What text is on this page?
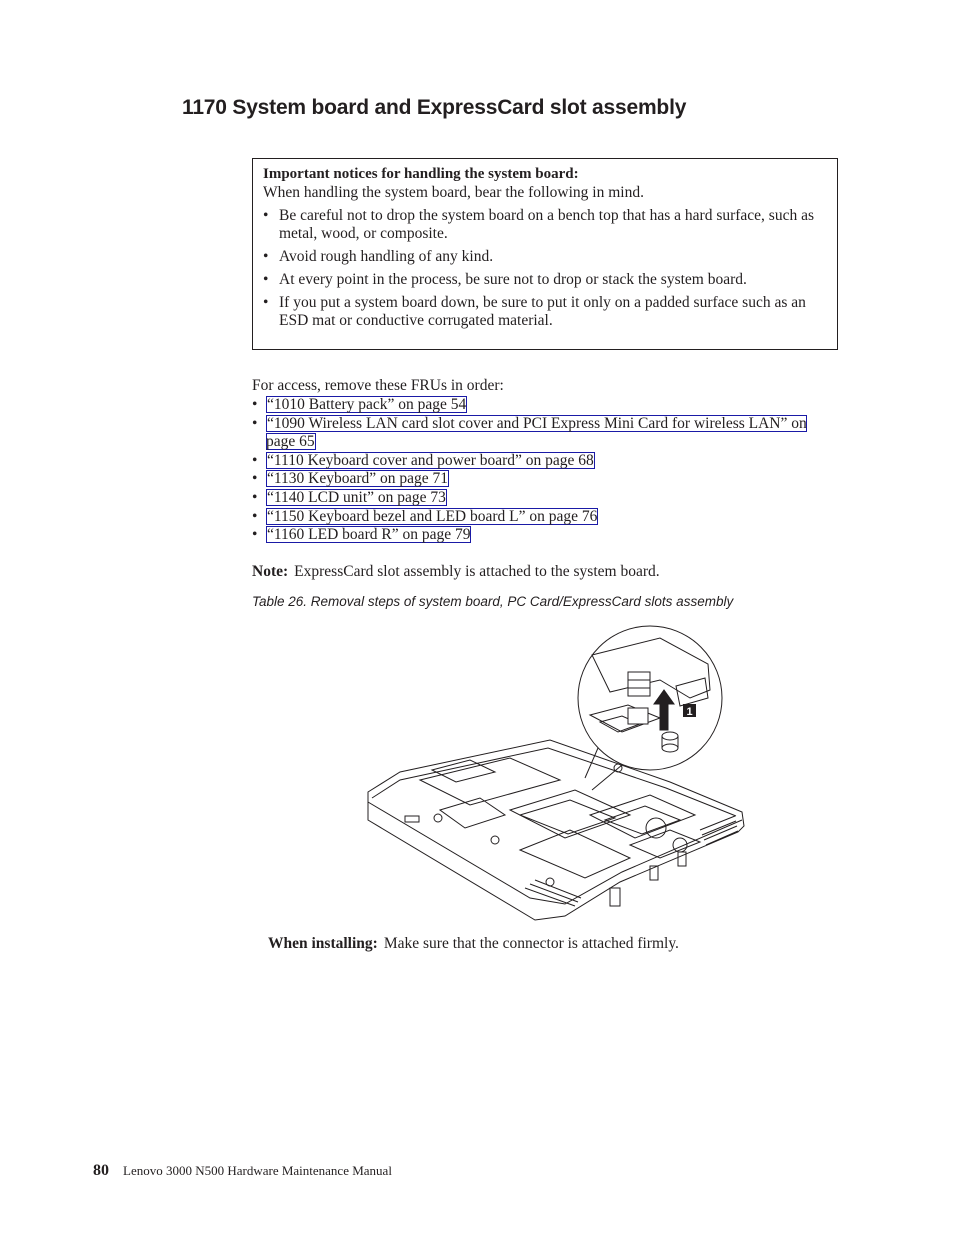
1170 System board and ExpressCard slot assembly
Important notices for handling the system board:
When handling the system board, bear the following in mind.
• Be careful not to drop the system board on a bench top that has a hard surface, such as metal, wood, or composite.
• Avoid rough handling of any kind.
• At every point in the process, be sure not to drop or stack the system board.
• If you put a system board down, be sure to put it only on a padded surface such as an ESD mat or conductive corrugated material.
For access, remove these FRUs in order:
• “1010 Battery pack” on page 54
• “1090 Wireless LAN card slot cover and PCI Express Mini Card for wireless LAN” on page 65
• “1110 Keyboard cover and power board” on page 68
• “1130 Keyboard” on page 71
• “1140 LCD unit” on page 73
• “1150 Keyboard bezel and LED board L” on page 76
• “1160 LED board R” on page 79
Note: ExpressCard slot assembly is attached to the system board.
Table 26. Removal steps of system board, PC Card/ExpressCard slots assembly
1
When installing: Make sure that the connector is attached firmly.
80 Lenovo 3000 N500 Hardware Maintenance Manual
